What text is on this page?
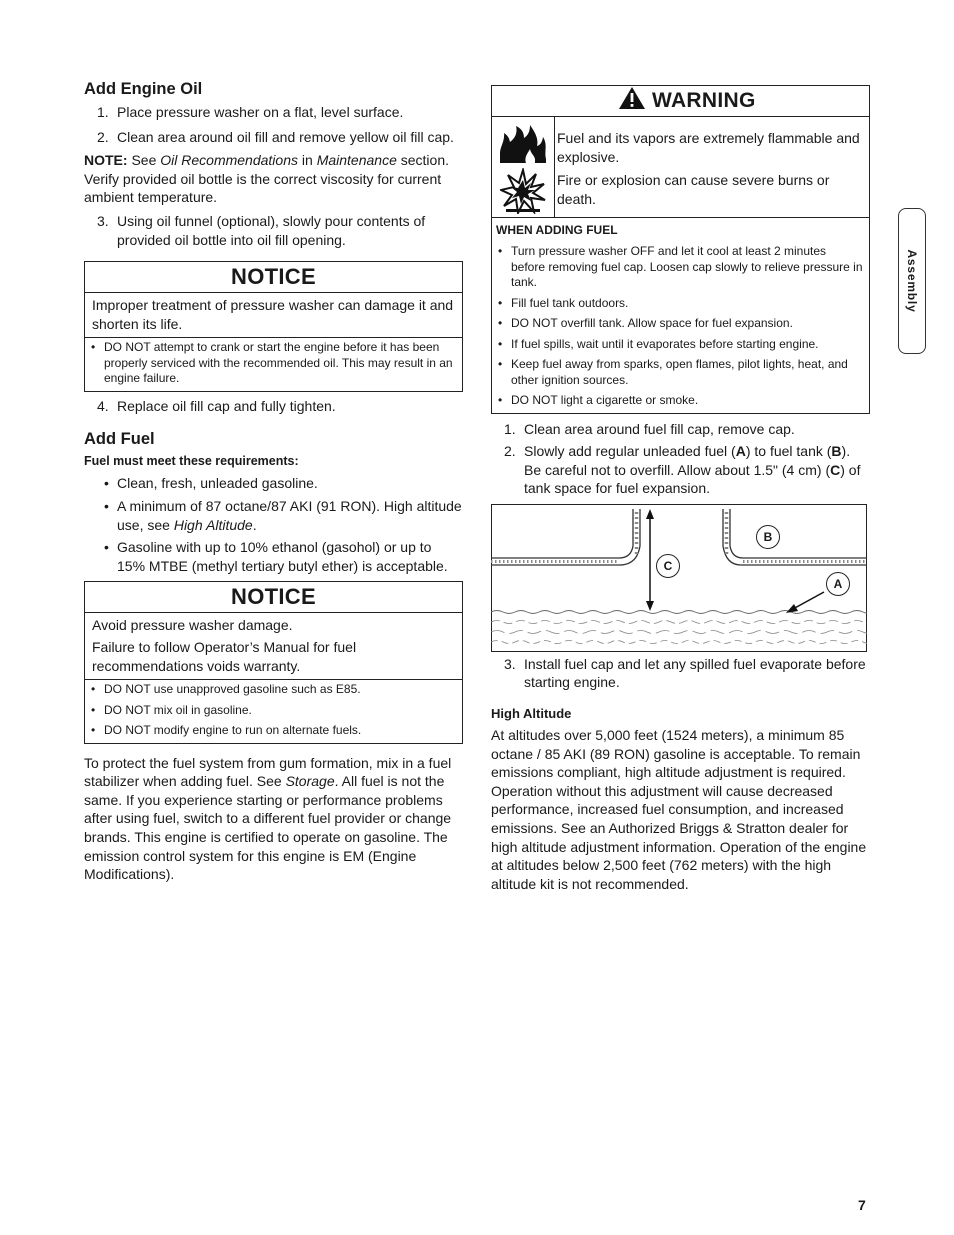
Add Engine Oil
1. Place pressure washer on a flat, level surface.
2. Clean area around oil fill and remove yellow oil fill cap.

NOTE: See Oil Recommendations in Maintenance section. Verify provided oil bottle is the correct viscosity for current ambient temperature.

3. Using oil funnel (optional), slowly pour contents of provided oil bottle into oil fill opening.
NOTICE

Improper treatment of pressure washer can damage it and shorten its life.

• DO NOT attempt to crank or start the engine before it has been properly serviced with the recommended oil. This may result in an engine failure.
4. Replace oil fill cap and fully tighten.
Add Fuel

Fuel must meet these requirements:

• Clean, fresh, unleaded gasoline.
• A minimum of 87 octane/87 AKI (91 RON). High altitude use, see High Altitude.
• Gasoline with up to 10% ethanol (gasohol) or up to 15% MTBE (methyl tertiary butyl ether) is acceptable.
NOTICE

Avoid pressure washer damage.

Failure to follow Operator’s Manual for fuel recommendations voids warranty.

• DO NOT use unapproved gasoline such as E85.
• DO NOT mix oil in gasoline.
• DO NOT modify engine to run on alternate fuels.

To protect the fuel system from gum formation, mix in a fuel stabilizer when adding fuel. See Storage. All fuel is not the same. If you experience starting or performance problems after using fuel, switch to a different fuel provider or change brands. This engine is certified to operate on gasoline. The emission control system for this engine is EM (Engine Modifications).

WARNING

Fuel and its vapors are extremely flammable and explosive.

Fire or explosion can cause severe burns or death.

WHEN ADDING FUEL

• Turn pressure washer OFF and let it cool at least 2 minutes before removing fuel cap. Loosen cap slowly to relieve pressure in tank.
• Fill fuel tank outdoors.
• DO NOT overfill tank. Allow space for fuel expansion.
• If fuel spills, wait until it evaporates before starting engine.
• Keep fuel away from sparks, open flames, pilot lights, heat, and other ignition sources.
• DO NOT light a cigarette or smoke.
1. Clean area around fuel fill cap, remove cap.
2. Slowly add regular unleaded fuel (A) to fuel tank (B). Be careful not to overfill. Allow about 1.5" (4 cm) (C) of tank space for fuel expansion.
C
B
A
3. Install fuel cap and let any spilled fuel evaporate before starting engine.

High Altitude

At altitudes over 5,000 feet (1524 meters), a minimum 85 octane / 85 AKI (89 RON) gasoline is acceptable. To remain emissions compliant, high altitude adjustment is required. Operation without this adjustment will cause decreased performance, increased fuel consumption, and increased emissions. See an Authorized Briggs & Stratton dealer for high altitude adjustment information. Operation of the engine at altitudes below 2,500 feet (762 meters) with the high altitude kit is not recommended.

Assembly
7
